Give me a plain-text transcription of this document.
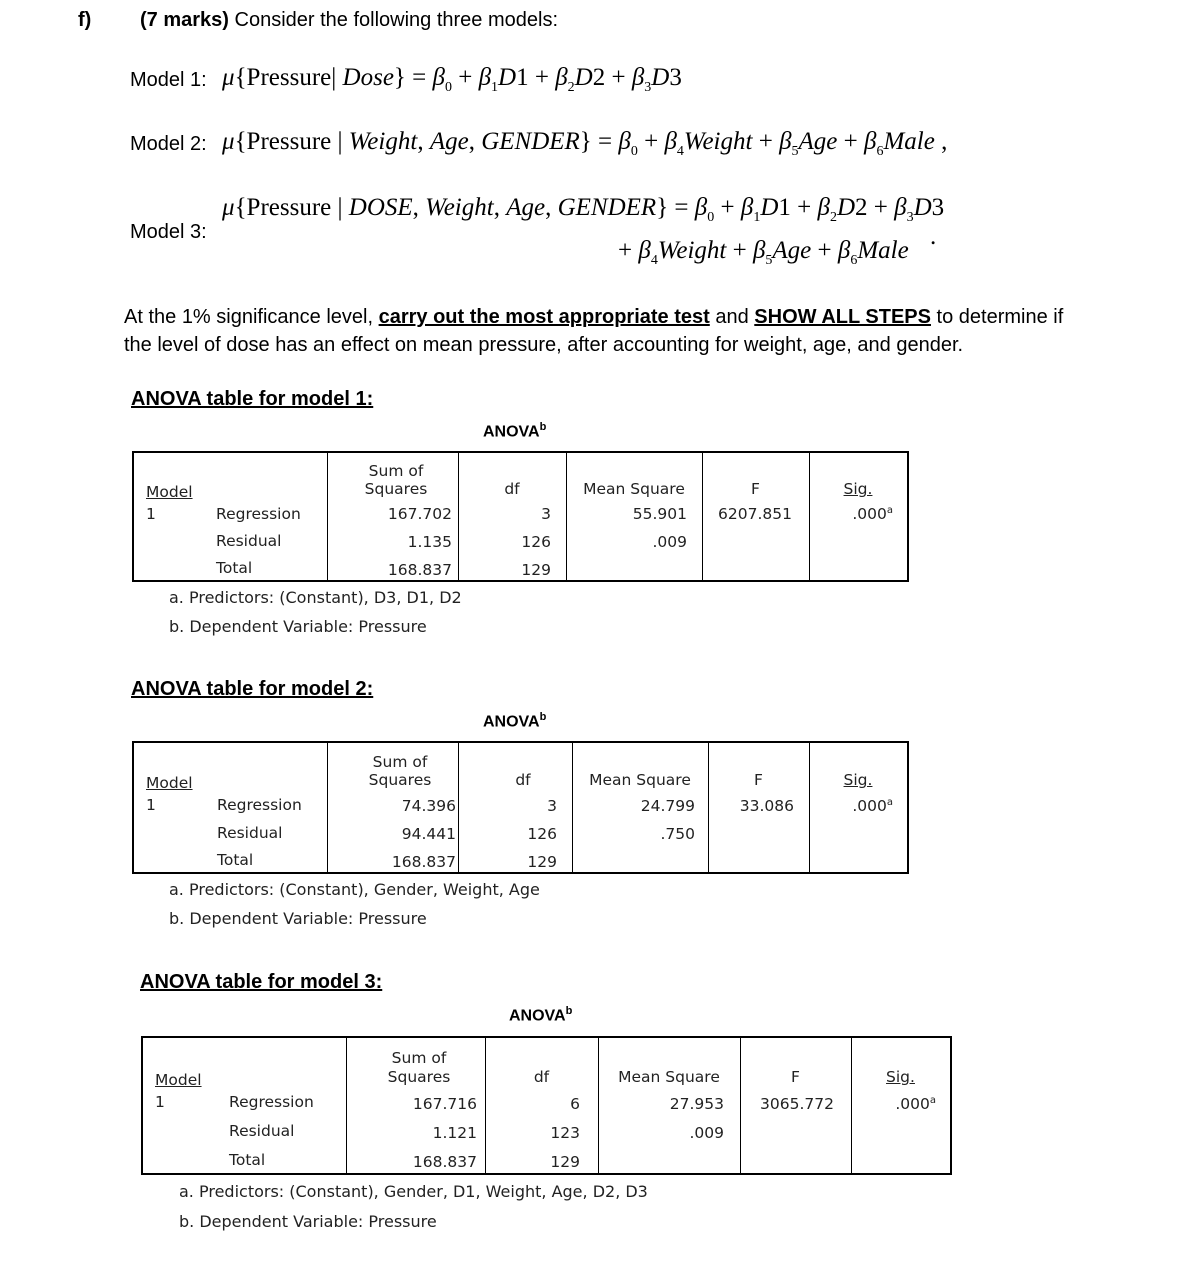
f) (7 marks) Consider the following three models:
Model 1: μ{Pressure| Dose} = $\beta_0 + \beta_1D1 + \beta_2D2 + \beta_3D3$
Model 2: μ{Pressure | Weight, Age, GENDER} = $\beta_0$ + $\beta_4Weight + \beta_5Age$ + $\beta_6Male$ ,
Model 3:
μ{Pressure | DOSE, Weight, Age, GENDER} = $\beta_0 + \beta_1D1 + \beta_2D2 + \beta_3D3$
+ $\beta_4Weight + \beta_5Age$ + $\beta_6Male$
.
At the 1% significance level, carry out the most appropriate test and SHOW ALL STEPS to determine if
the level of dose has an effect on mean pressure, after accounting for weight, age, and gender.
ANOVA table for model 1:
ANOVA$^b$
Model
Sum of
Squares	df	Mean Square	F	Sig.
1	Regression	167.702	3	55.901	6207.851	.000$^a$
Residual	1.135	126	.009
Total	168.837	129
a. Predictors: (Constant), D3, D1, D2
b. Dependent Variable: Pressure
ANOVA table for model 2:
ANOVA$^b$
Model
Sum of
Squares	df	Mean Square	F	Sig.
1	Regression	74.396	3	24.799	33.086	.000$^a$
Residual	94.441	126	.750
Total	168.837	129
a. Predictors: (Constant), Gender, Weight, Age
b. Dependent Variable: Pressure
ANOVA table for model 3:
ANOVA$^b$
Model
Sum of
Squares	df	Mean Square	F	Sig.
1	Regression	167.716	6	27.953	3065.772	.000$^a$
Residual	1.121	123	.009
Total	168.837	129
a. Predictors: (Constant), Gender, D1, Weight, Age, D2, D3
b. Dependent Variable: Pressure
